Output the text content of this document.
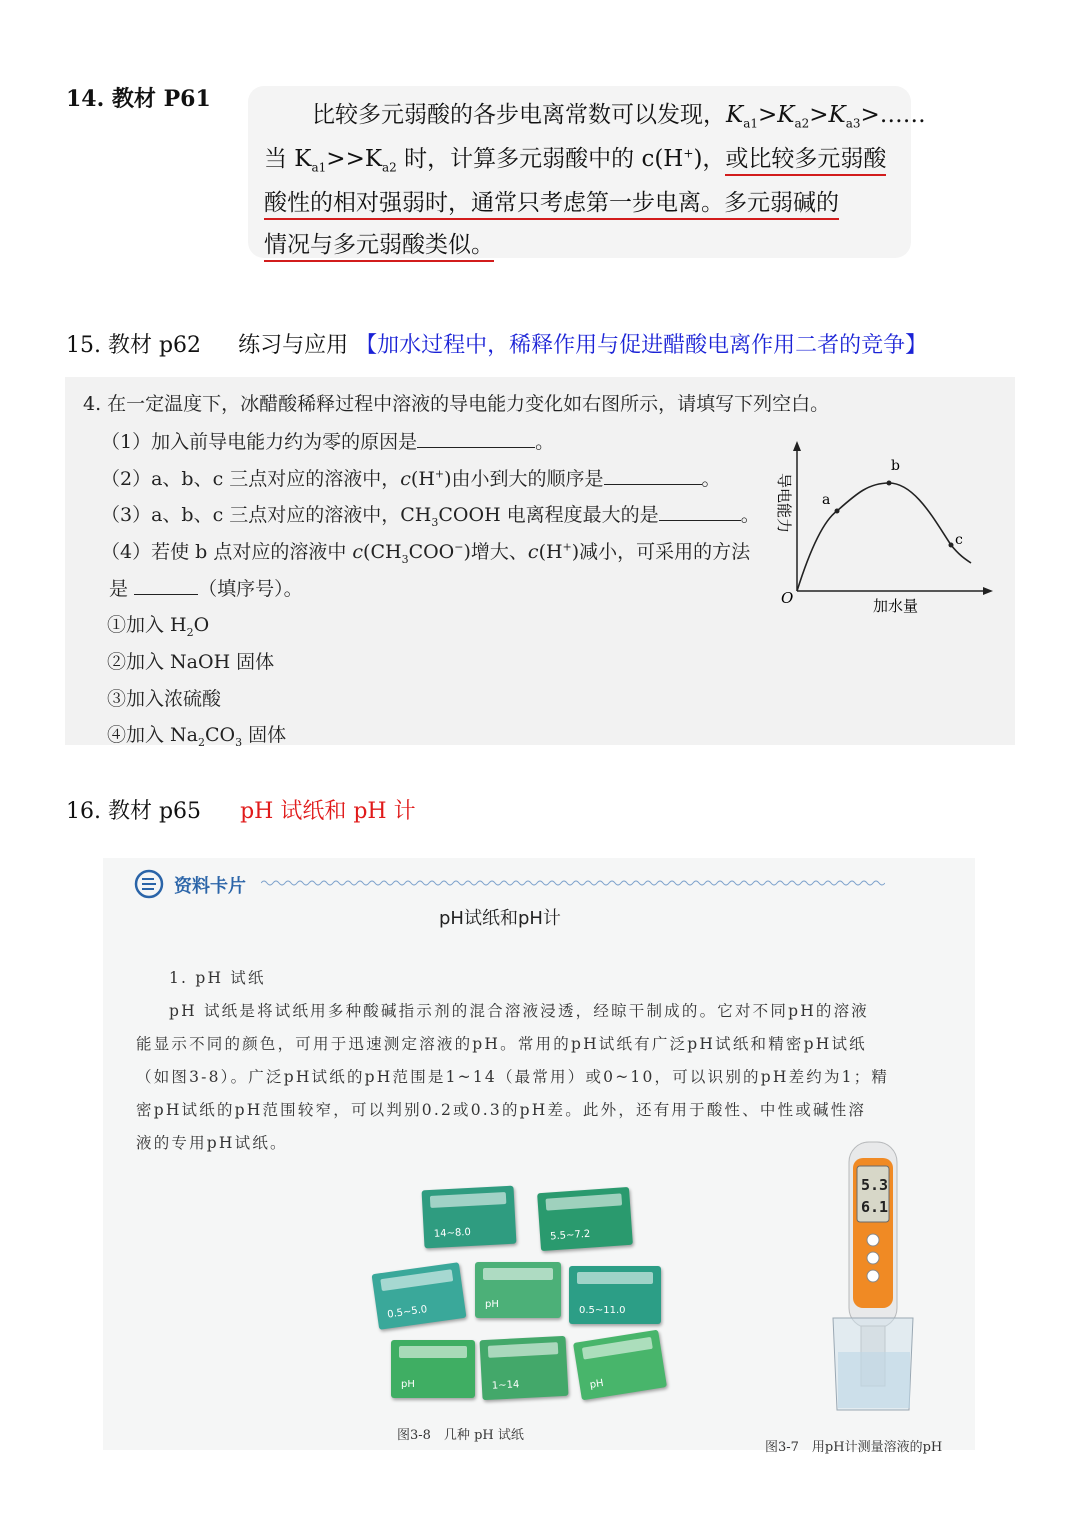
14. 教材 P61
比较多元弱酸的各步电离常数可以发现，$K_{a1}>K_{a2}>K_{a3}>\dots\dots$
当 $K_{a1}>>K_{a2}$ 时，计算多元弱酸中的 c(H+)，或比较多元弱酸
酸性的相对强弱时，通常只考虑第一步电离。多元弱碱的
情况与多元弱酸类似。
15. 教材 p62 练习与应用 【加水过程中，稀释作用与促进醋酸电离作用二者的竞争】
4. 在一定温度下，冰醋酸稀释过程中溶液的导电能力变化如右图所示，请填写下列空白。
（1）加入前导电能力约为零的原因是	。
（2）a、b、c 三点对应的溶液中，c(H+)由小到大的顺序是	。
（3）a、b、c 三点对应的溶液中，$CH_3COOH$ 电离程度最大的是	。
（4）若使 b 点对应的溶液中 $c(CH_3COO^-)$增大、c(H+)减小，可采用的方法
是	（填序号）。
①加入 $H_2O$
②加入 NaOH 固体
③加入浓硫酸
④加入 $Na_2CO_3$ 固体
a
b
c
O	加水量
导电能力
16. 教材 p65 pH 试纸和 pH 计
资料卡片
pH试纸和pH计
1. pH 试纸
pH 试纸是将试纸用多种酸碱指示剂的混合溶液浸透，经晾干制成的。它对不同pH的溶液
能显示不同的颜色，可用于迅速测定溶液的pH。常用的pH试纸有广泛pH试纸和精密pH试纸
（如图3-8）。广泛pH试纸的pH范围是1~14（最常用）或0~10，可以识别的pH差约为1；精
密pH试纸的pH范围较窄，可以判别0.2或0.3的pH差。此外，还有用于酸性、中性或碱性溶
液的专用pH试纸。
14~8.0	5.5~7.2
0.5~5.0	pH
0.5~11.0
pH	1~14	pH
图3-8　几种 pH 试纸
5.3
6.1
图3-7　用pH计测量溶液的pH
